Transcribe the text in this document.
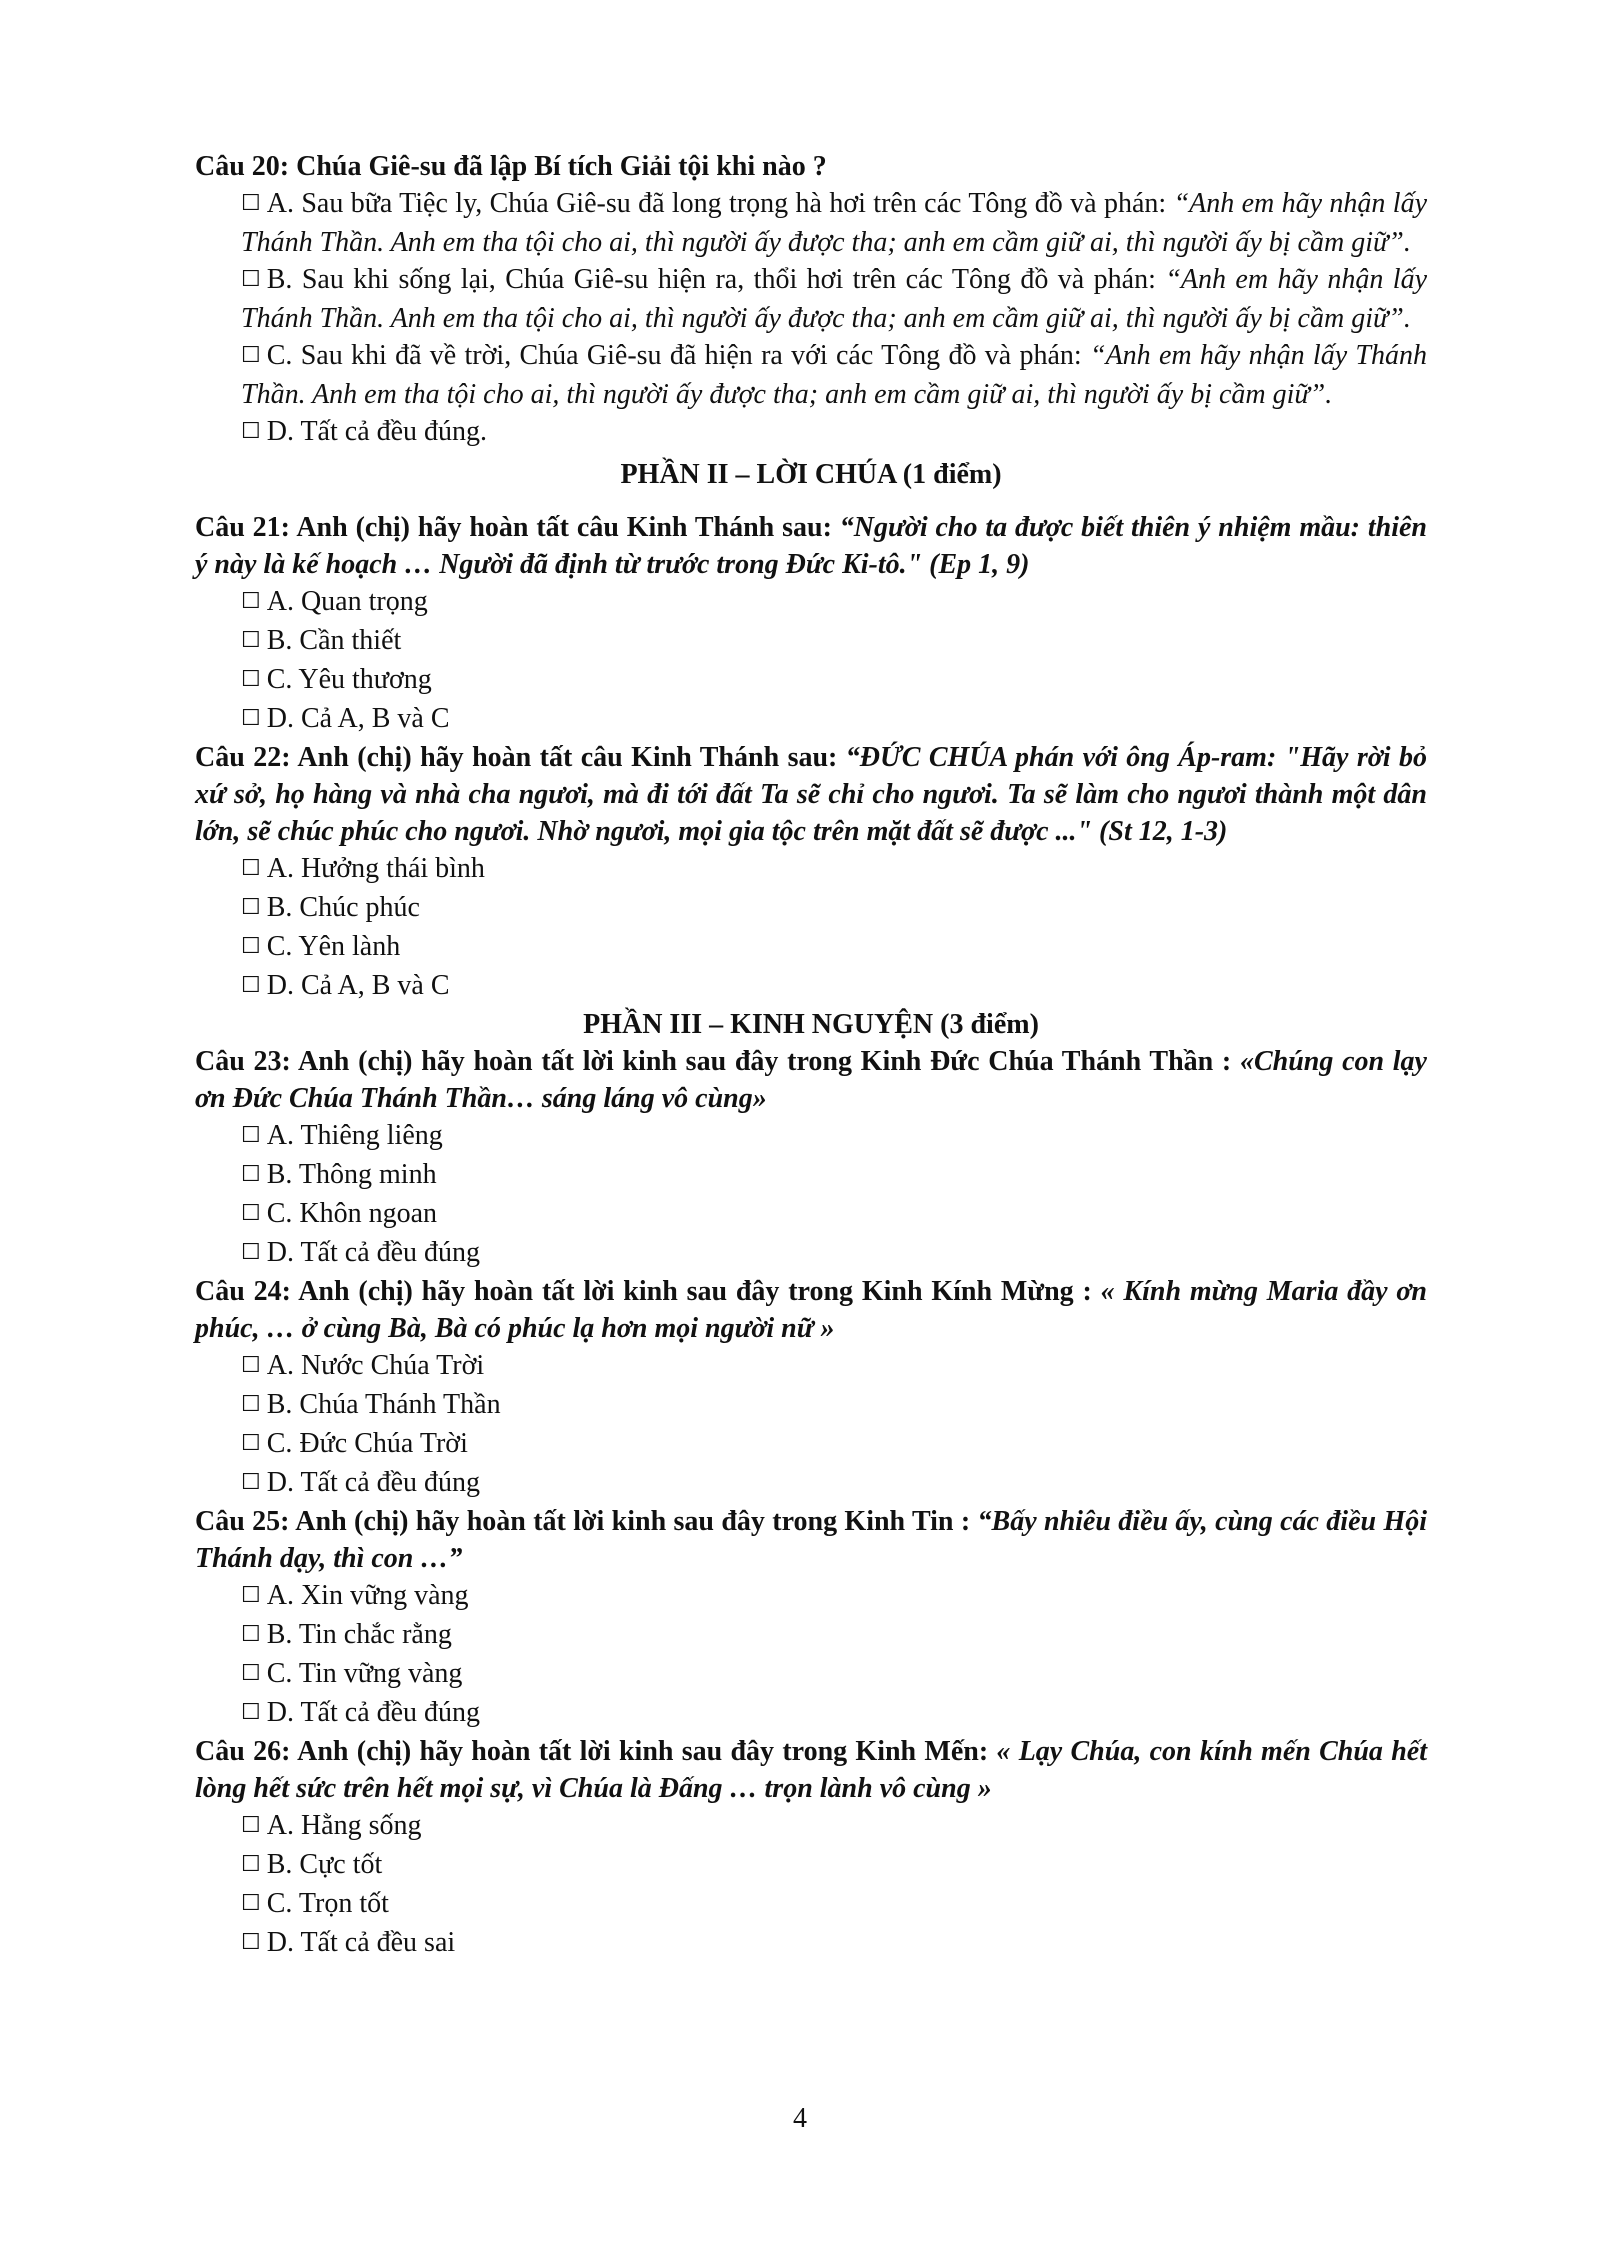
Câu 20: Chúa Giê-su đã lập Bí tích Giải tội khi nào ?

☐ A. Sau bữa Tiệc ly, Chúa Giê-su đã long trọng hà hơi trên các Tông đồ và phán: “Anh em hãy nhận lấy Thánh Thần. Anh em tha tội cho ai, thì người ấy được tha; anh em cầm giữ ai, thì người ấy bị cầm giữ”.

☐ B. Sau khi sống lại, Chúa Giê-su hiện ra, thổi hơi trên các Tông đồ và phán: “Anh em hãy nhận lấy Thánh Thần. Anh em tha tội cho ai, thì người ấy được tha; anh em cầm giữ ai, thì người ấy bị cầm giữ”.

☐ C. Sau khi đã về trời, Chúa Giê-su đã hiện ra với các Tông đồ và phán: “Anh em hãy nhận lấy Thánh Thần. Anh em tha tội cho ai, thì người ấy được tha; anh em cầm giữ ai, thì người ấy bị cầm giữ”.

☐ D. Tất cả đều đúng.

PHẦN II – LỜI CHÚA (1 điểm)

Câu 21: Anh (chị) hãy hoàn tất câu Kinh Thánh sau: “Người cho ta được biết thiên ý nhiệm mầu: thiên ý này là kế hoạch … Người đã định từ trước trong Đức Ki-tô." (Ep 1, 9)

☐ A. Quan trọng

☐ B. Cần thiết

☐ C. Yêu thương

☐ D. Cả A, B và C

Câu 22: Anh (chị) hãy hoàn tất câu Kinh Thánh sau: “ĐỨC CHÚA phán với ông Áp-ram: "Hãy rời bỏ xứ sở, họ hàng và nhà cha ngươi, mà đi tới đất Ta sẽ chỉ cho ngươi. Ta sẽ làm cho ngươi thành một dân lớn, sẽ chúc phúc cho ngươi. Nhờ ngươi, mọi gia tộc trên mặt đất sẽ được ..." (St 12, 1-3)

☐ A. Hưởng thái bình

☐ B. Chúc phúc

☐ C. Yên lành

☐ D. Cả A, B và C

PHẦN III – KINH NGUYỆN (3 điểm)

Câu 23: Anh (chị) hãy hoàn tất lời kinh sau đây trong Kinh Đức Chúa Thánh Thần : «Chúng con lạy ơn Đức Chúa Thánh Thần… sáng láng vô cùng»

☐ A. Thiêng liêng

☐ B. Thông minh

☐ C. Khôn ngoan

☐ D. Tất cả đều đúng

Câu 24: Anh (chị) hãy hoàn tất lời kinh sau đây trong Kinh Kính Mừng : « Kính mừng Maria đầy ơn phúc, … ở cùng Bà, Bà có phúc lạ hơn mọi người nữ »

☐ A. Nước Chúa Trời

☐ B. Chúa Thánh Thần

☐ C. Đức Chúa Trời

☐ D. Tất cả đều đúng

Câu 25: Anh (chị) hãy hoàn tất lời kinh sau đây trong Kinh Tin : “Bấy nhiêu điều ấy, cùng các điều Hội Thánh dạy, thì con …”

☐ A. Xin vững vàng

☐ B. Tin chắc rằng

☐ C. Tin vững vàng

☐ D. Tất cả đều đúng

Câu 26: Anh (chị) hãy hoàn tất lời kinh sau đây trong Kinh Mến: « Lạy Chúa, con kính mến Chúa hết lòng hết sức trên hết mọi sự, vì Chúa là Đấng … trọn lành vô cùng »

☐ A. Hằng sống

☐ B. Cực tốt

☐ C. Trọn tốt

☐ D. Tất cả đều sai

4
